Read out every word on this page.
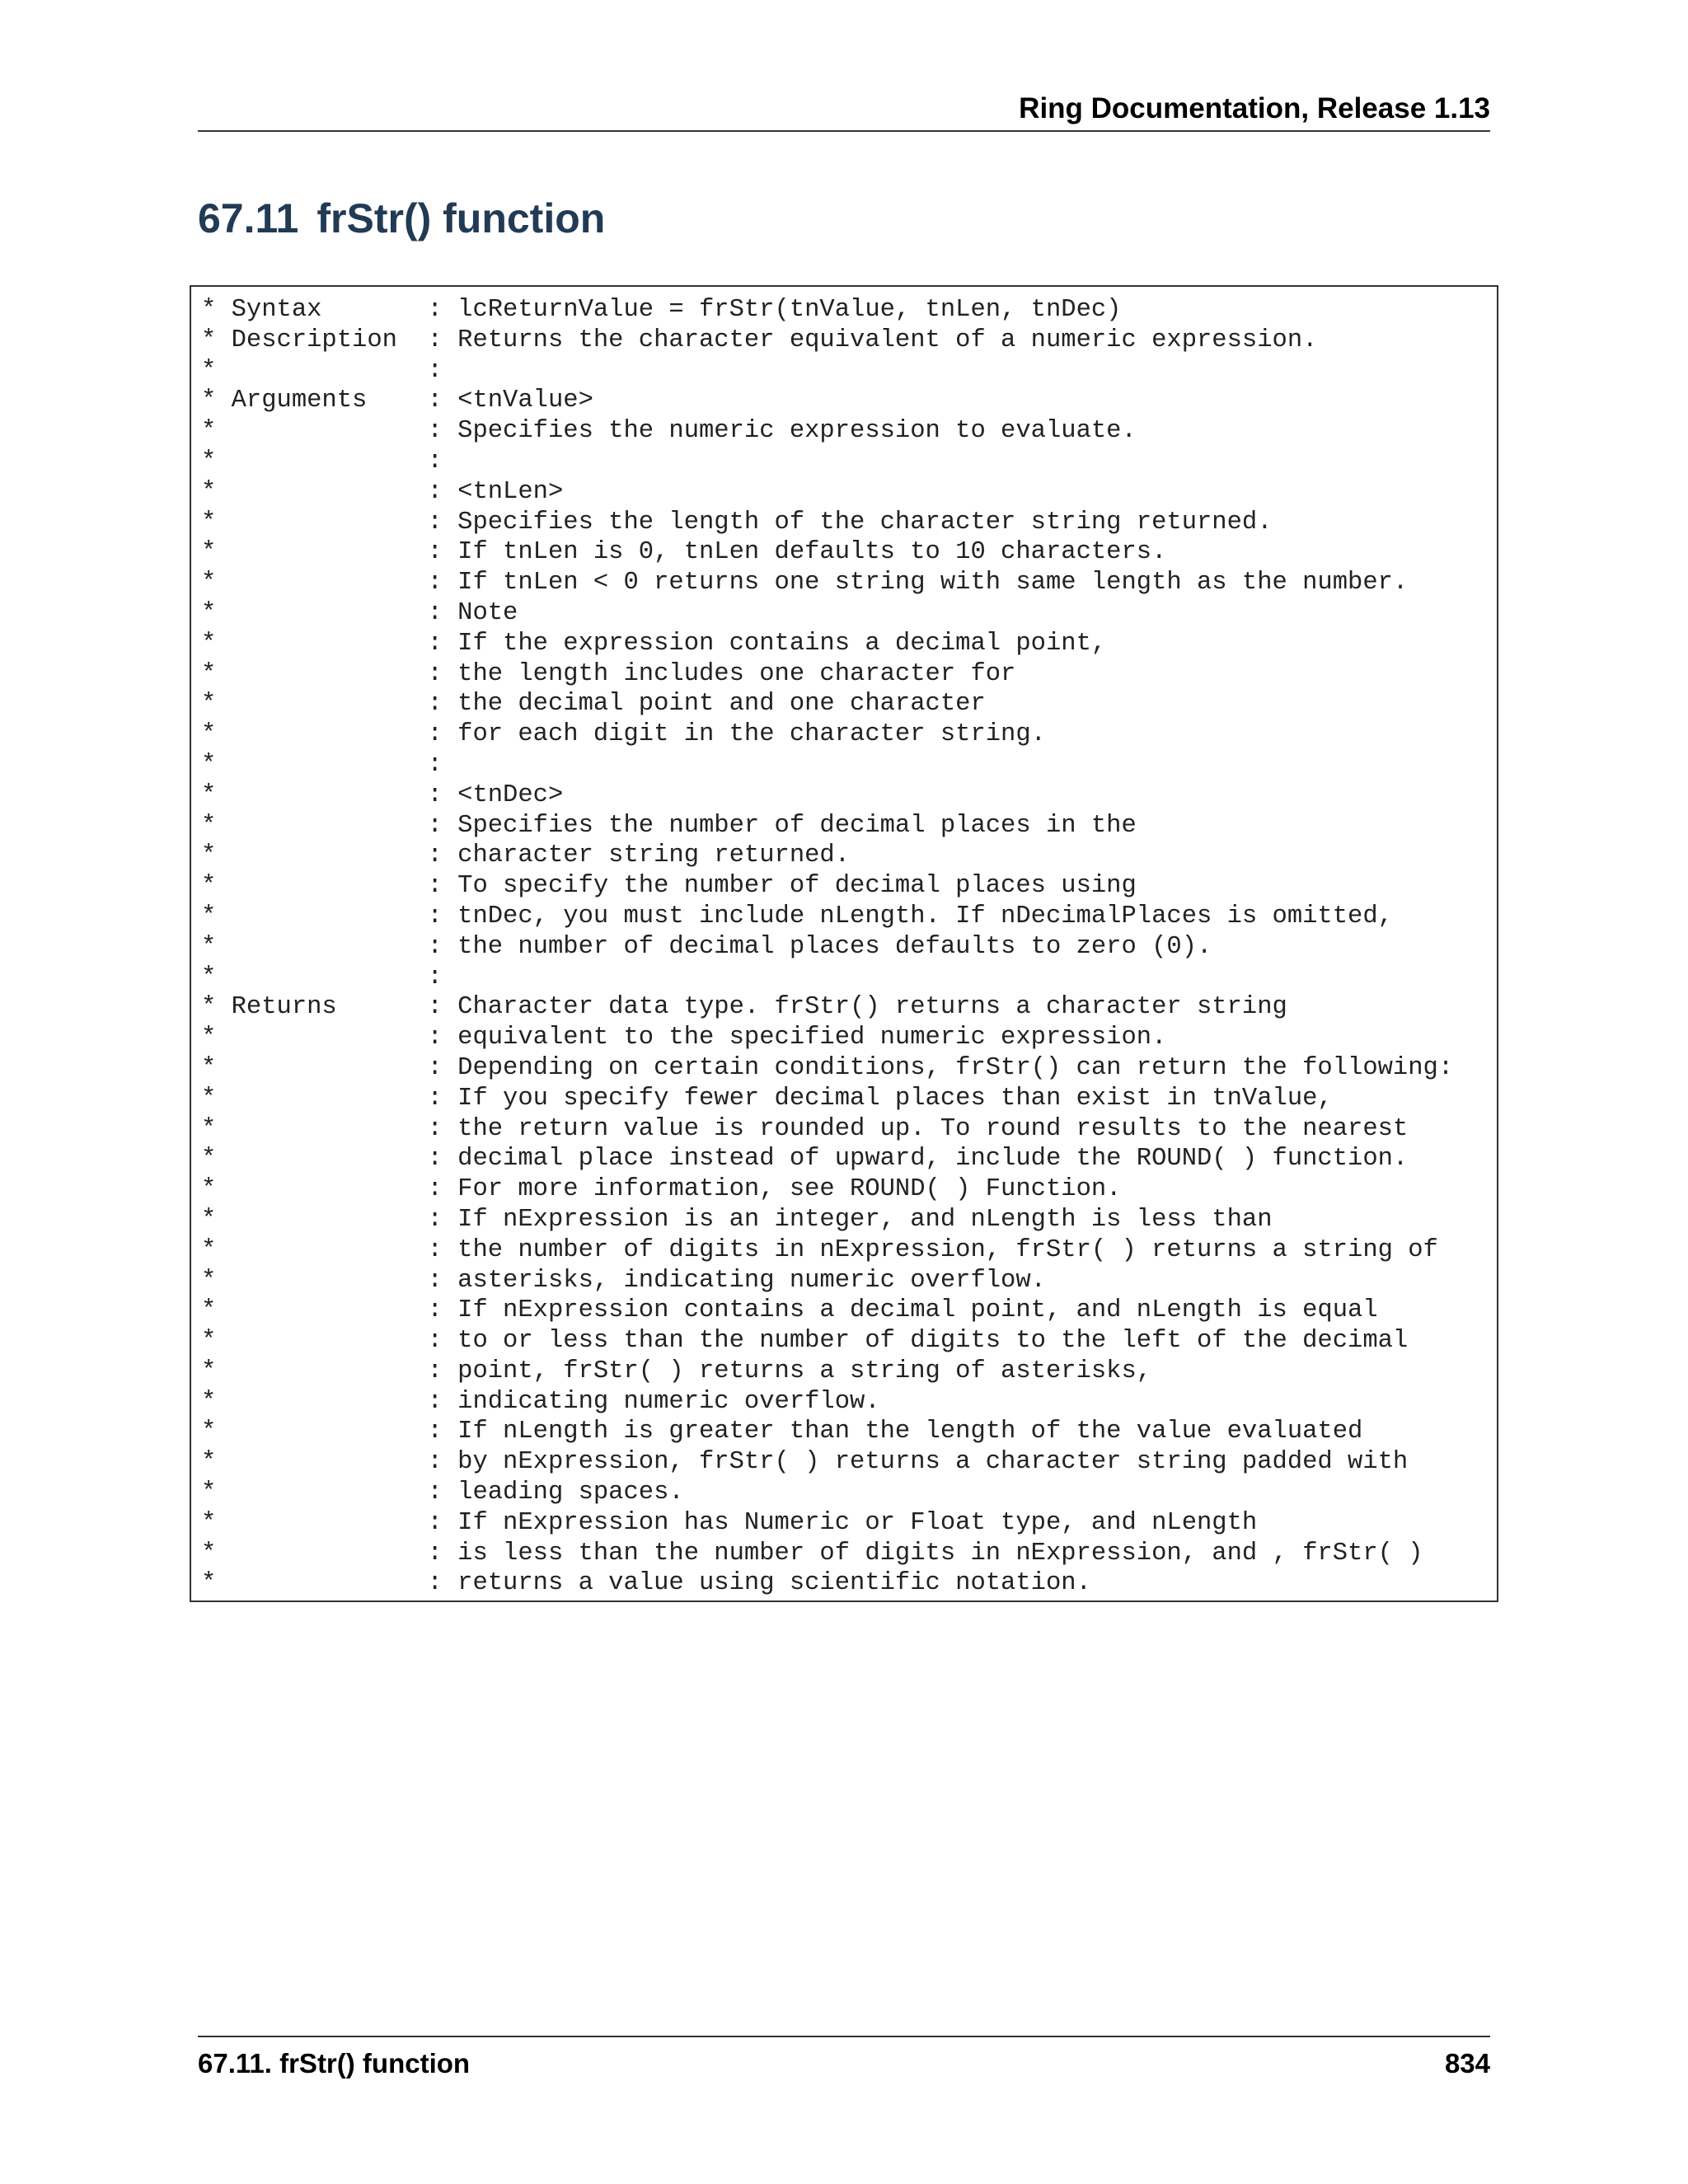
Ring Documentation, Release 1.13
67.11 frStr() function
* Syntax       : lcReturnValue = frStr(tnValue, tnLen, tnDec)
* Description  : Returns the character equivalent of a numeric expression.
*              :
* Arguments    : <tnValue>
*              : Specifies the numeric expression to evaluate.
*              :
*              : <tnLen>
*              : Specifies the length of the character string returned.
*              : If tnLen is 0, tnLen defaults to 10 characters.
*              : If tnLen < 0 returns one string with same length as the number.
*              : Note
*              : If the expression contains a decimal point,
*              : the length includes one character for
*              : the decimal point and one character
*              : for each digit in the character string.
*              :
*              : <tnDec>
*              : Specifies the number of decimal places in the
*              : character string returned.
*              : To specify the number of decimal places using
*              : tnDec, you must include nLength. If nDecimalPlaces is omitted,
*              : the number of decimal places defaults to zero (0).
*              :
* Returns      : Character data type. frStr() returns a character string
*              : equivalent to the specified numeric expression.
*              : Depending on certain conditions, frStr() can return the following:
*              : If you specify fewer decimal places than exist in tnValue,
*              : the return value is rounded up. To round results to the nearest
*              : decimal place instead of upward, include the ROUND( ) function.
*              : For more information, see ROUND( ) Function.
*              : If nExpression is an integer, and nLength is less than
*              : the number of digits in nExpression, frStr( ) returns a string of
*              : asterisks, indicating numeric overflow.
*              : If nExpression contains a decimal point, and nLength is equal
*              : to or less than the number of digits to the left of the decimal
*              : point, frStr( ) returns a string of asterisks,
*              : indicating numeric overflow.
*              : If nLength is greater than the length of the value evaluated
*              : by nExpression, frStr( ) returns a character string padded with
*              : leading spaces.
*              : If nExpression has Numeric or Float type, and nLength
*              : is less than the number of digits in nExpression, and , frStr( )
*              : returns a value using scientific notation.
67.11. frStr() function	834
